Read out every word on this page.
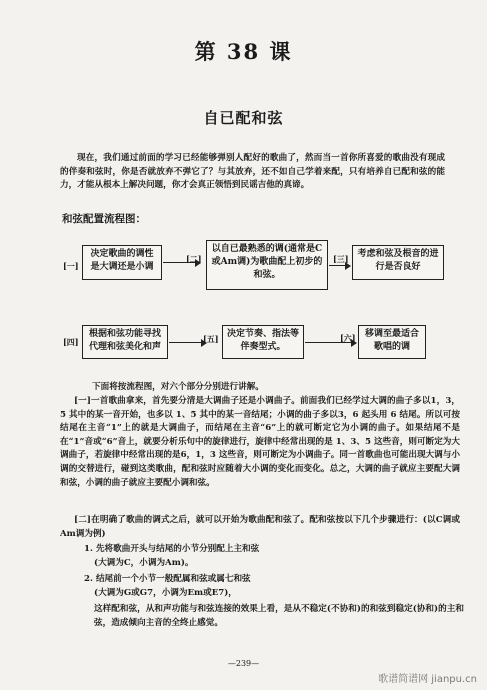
第 38 课
自已配和弦
现在，我们通过前面的学习已经能够弹别人配好的歌曲了，然而当一首你所喜爱的歌曲没有现成的伴奏和弦时，你是否就放弃不弹它了？与其放弃，还不如自己学着来配，只有培养自已配和弦的能力，才能从根本上解决问题，你才会真正领悟到民谣吉他的真谛。
和弦配置流程图：
[一]
决定歌曲的调性是大调还是小调
[二]
以自已最熟悉的调(通常是C或Am调)为歌曲配上初步的和弦。
[三] 考虑和弦及根音的进行是否良好
[四]
根据和弦功能寻找代理和弦美化和声
[五] 决定节奏、指法等伴奏型式。
[六]	移调至最适合歌唱的调
下面将按流程图，对六个部分分别进行讲解。
[一]一首歌曲拿来，首先要分清是大调曲子还是小调曲子。前面我们已经学过大调的曲子多以1，3，5 其中的某一音开始，也多以 1、5 其中的某一音结尾；小调的曲子多以3，6 起头用 6 结尾。所以可按结尾在主音“1”上的就是大调曲子，而结尾在主音“6”上的就可断定它为小调的曲子。如果结尾不是在“1”音或“6”音上，就要分析乐句中的旋律进行，旋律中经常出现的是 1、3、5 这些音，则可断定为大调曲子，若旋律中经常出现的是6，1，3 这些音，则可断定为小调曲子。同一首歌曲也可能出现大调与小调的交替进行，碰到这类歌曲，配和弦时应随着大小调的变化而变化。总之，大调的曲子就应主要配大调和弦，小调的曲子就应主要配小调和弦。
[二]在明确了歌曲的调式之后，就可以开始为歌曲配和弦了。配和弦按以下几个步骤进行：(以C调或Am调为例)
1. 先将歌曲开头与结尾的小节分别配上主和弦
(大调为C，小调为Am)。
2. 结尾前一个小节一般配属和弦或属七和弦
(大调为G或G7，小调为Em或E7)，
这样配和弦，从和声功能与和弦连接的效果上看，是从不稳定(不协和)的和弦到稳定(协和)的主和弦，造成倾向主音的全终止感觉。
—239—
歌谱简谱网 jianpu.cn
